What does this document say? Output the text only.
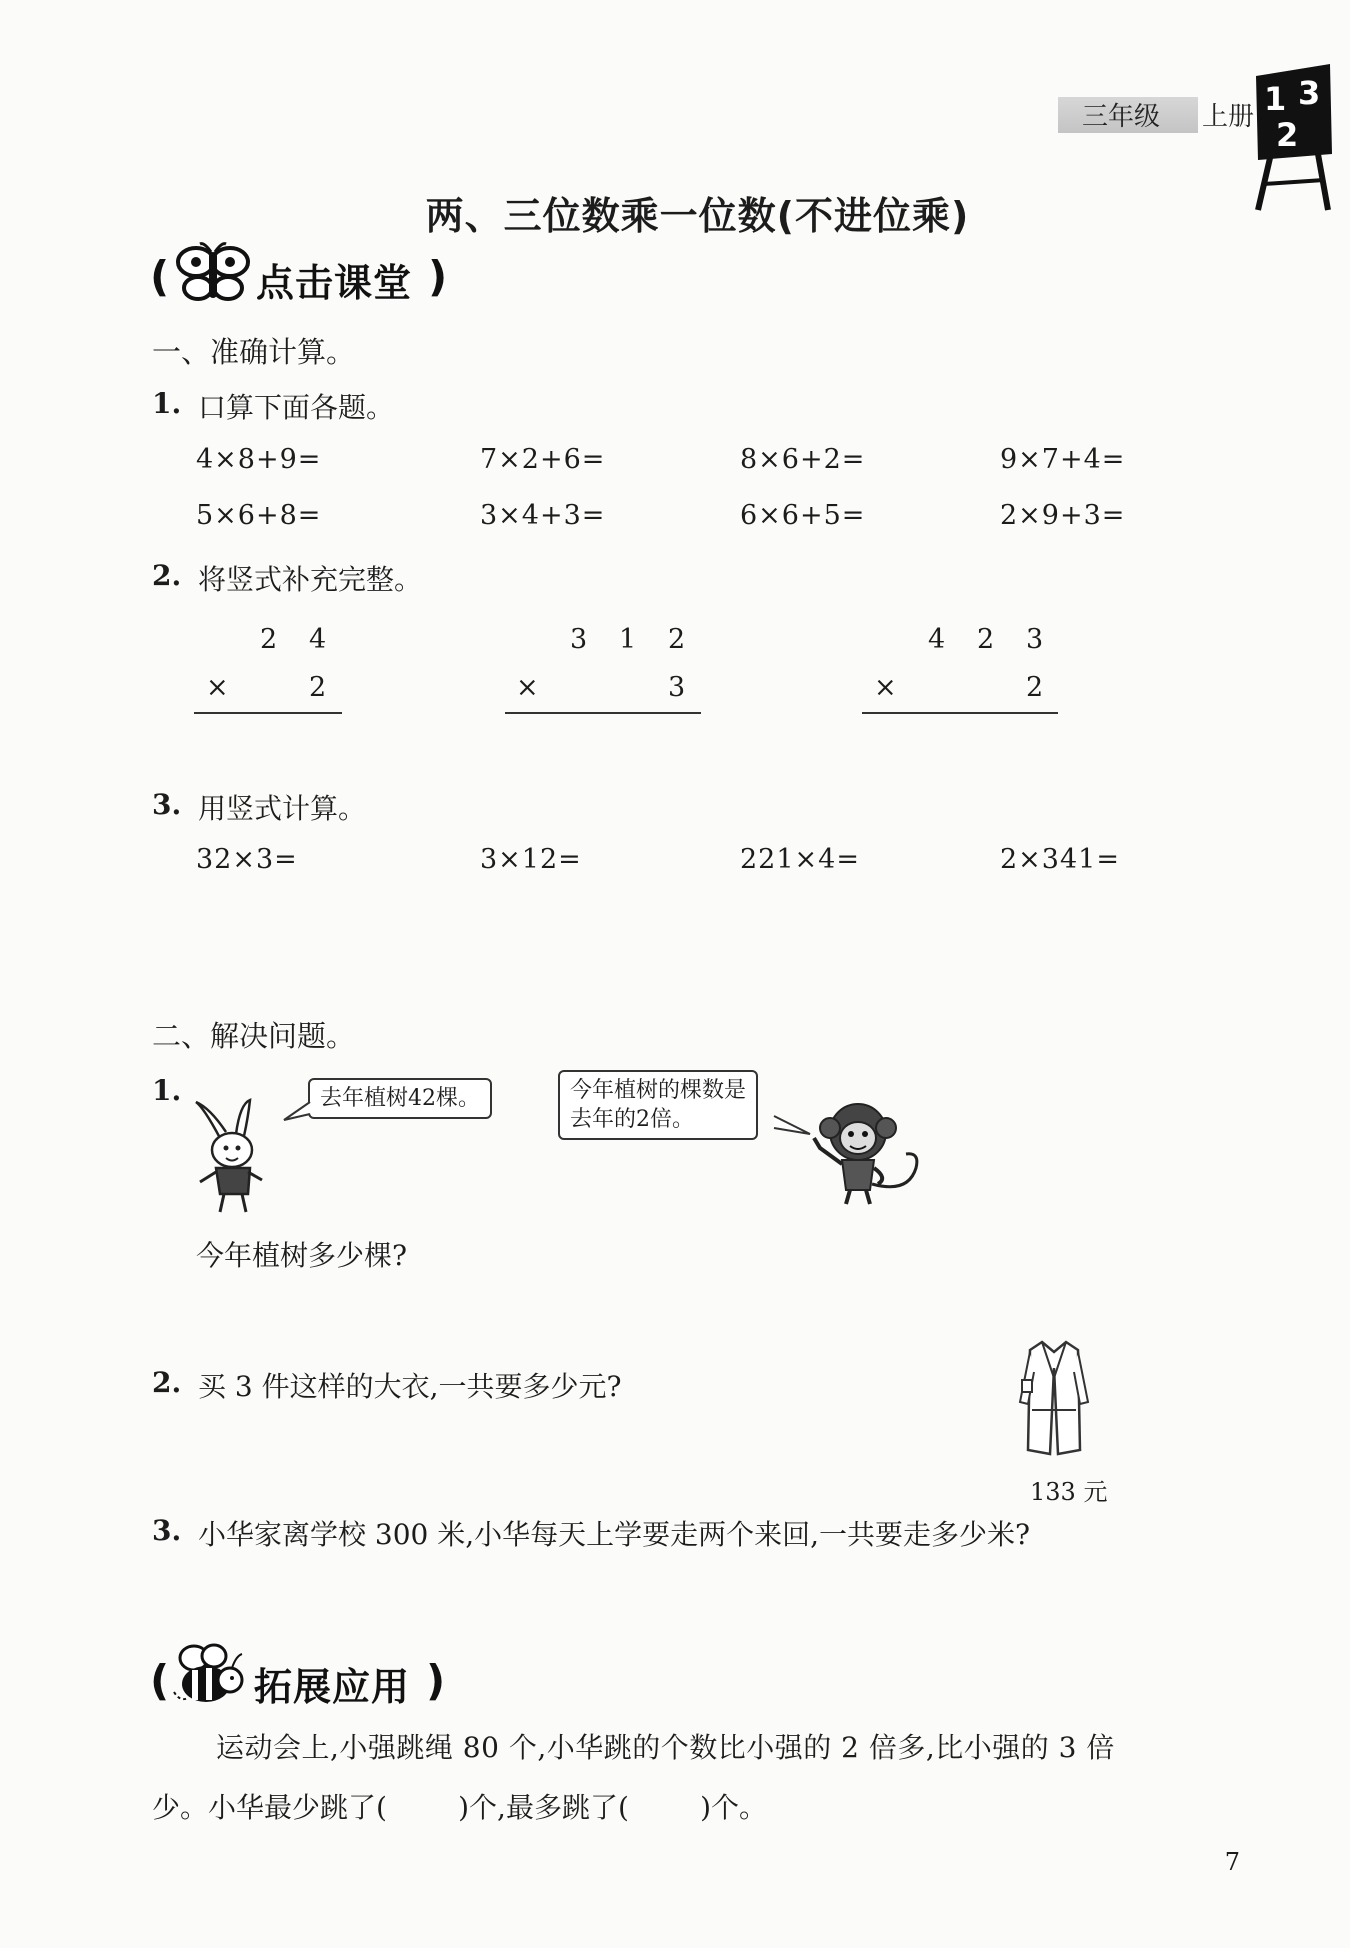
三年级 上册 1 3
2
两、三位数乘一位数(不进位乘)
( 点击课堂 )
一、准确计算。
1. 口算下面各题。
4×8+9=	7×2+6=	8×6+2=	9×7+4=
5×6+8=	3×4+3=	6×6+5=	2×9+3=
2. 将竖式补充完整。
2 4
×	2
3 1 2
×	3
4 2 3
×	2
3. 用竖式计算。
32×3=	3×12=	221×4=	2×341=
二、解决问题。
1.	去年植树42棵。	今年植树的棵数是
去年的2倍。
今年植树多少棵?
2. 买 3 件这样的大衣,一共要多少元?
133 元
3. 小华家离学校 300 米,小华每天上学要走两个来回,一共要走多少米?
( 拓展应用 )
运动会上,小强跳绳 80 个,小华跳的个数比小强的 2 倍多,比小强的 3 倍
少。小华最少跳了(        )个,最多跳了(        )个。
7
